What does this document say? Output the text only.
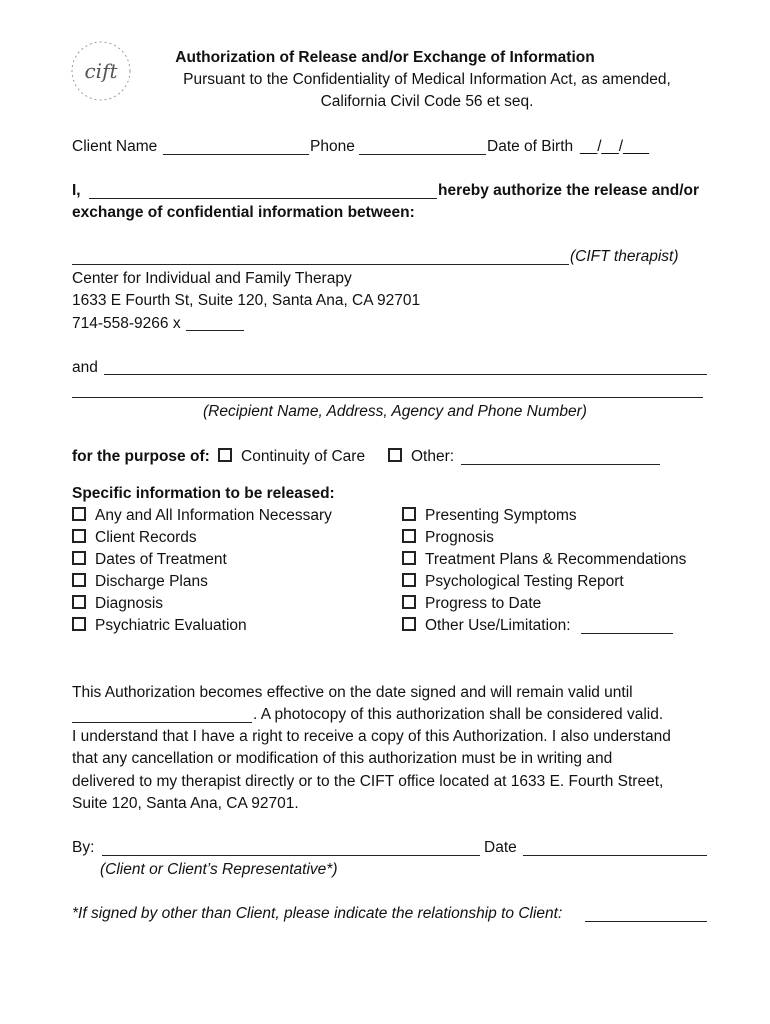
cift
Authorization of Release and/or Exchange of Information
Pursuant to the Confidentiality of Medical Information Act, as amended,
California Civil Code 56 et seq.
Client Name	Phone	Date of Birth __/__/___
I,	hereby authorize the release and/or
exchange of confidential information between:
(CIFT therapist)
Center for Individual and Family Therapy
1633 E Fourth St, Suite 120, Santa Ana, CA 92701
714-558-9266 x
and
(Recipient Name, Address, Agency and Phone Number)
for the purpose of:	Continuity of Care	Other:
Specific information to be released:
Any and All Information Necessary
Client Records
Dates of Treatment
Discharge Plans
Diagnosis
Psychiatric Evaluation
Presenting Symptoms
Prognosis
Treatment Plans & Recommendations
Psychological Testing Report
Progress to Date
Other Use/Limitation:
This Authorization becomes effective on the date signed and will remain valid until
. A photocopy of this authorization shall be considered valid.
I understand that I have a right to receive a copy of this Authorization. I also understand
that any cancellation or modification of this authorization must be in writing and
delivered to my therapist directly or to the CIFT office located at 1633 E. Fourth Street,
Suite 120, Santa Ana, CA 92701.
By:	Date
(Client or Client’s Representative*)
*If signed by other than Client, please indicate the relationship to Client:
